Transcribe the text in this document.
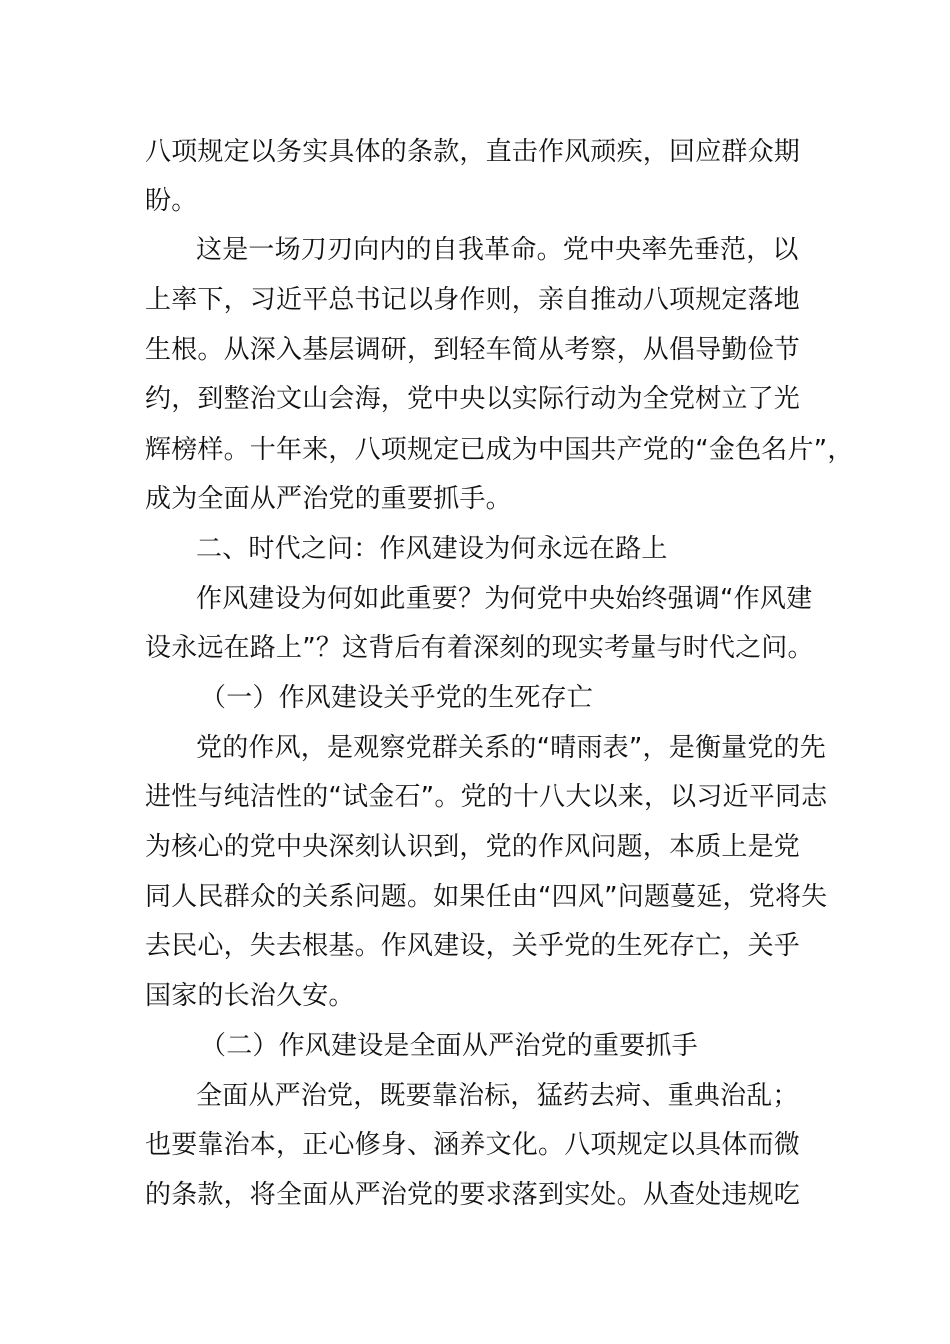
八项规定以务实具体的条款，直击作风顽疾，回应群众期
盼。
这是一场刀刃向内的自我革命。党中央率先垂范，以
上率下，习近平总书记以身作则，亲自推动八项规定落地
生根。从深入基层调研，到轻车简从考察，从倡导勤俭节
约，到整治文山会海，党中央以实际行动为全党树立了光
辉榜样。十年来，八项规定已成为中国共产党的“金色名片”，
成为全面从严治党的重要抓手。
二、时代之问：作风建设为何永远在路上
作风建设为何如此重要？为何党中央始终强调“作风建
设永远在路上”？这背后有着深刻的现实考量与时代之问。
（一）作风建设关乎党的生死存亡
党的作风，是观察党群关系的“晴雨表”，是衡量党的先
进性与纯洁性的“试金石”。党的十八大以来，以习近平同志
为核心的党中央深刻认识到，党的作风问题，本质上是党
同人民群众的关系问题。如果任由“四风”问题蔓延，党将失
去民心，失去根基。作风建设，关乎党的生死存亡，关乎
国家的长治久安。
（二）作风建设是全面从严治党的重要抓手
全面从严治党，既要靠治标，猛药去疴、重典治乱；
也要靠治本，正心修身、涵养文化。八项规定以具体而微
的条款，将全面从严治党的要求落到实处。从查处违规吃
